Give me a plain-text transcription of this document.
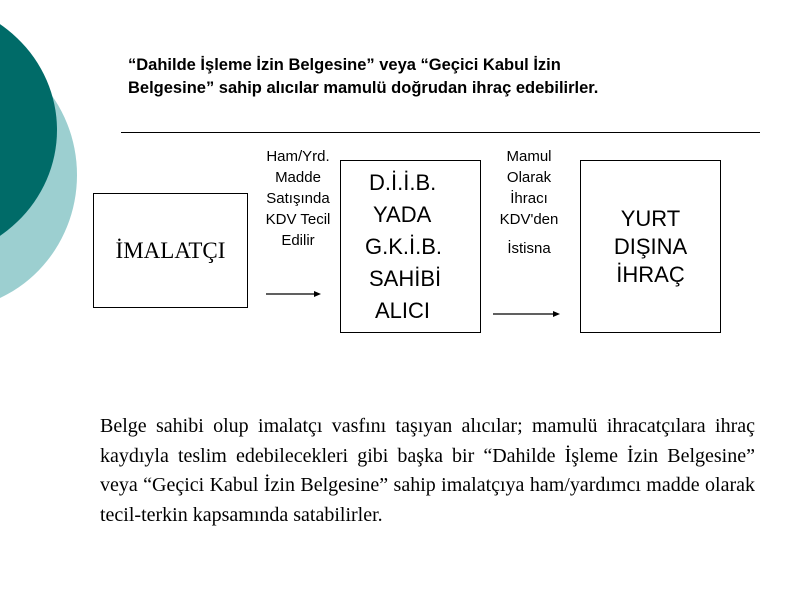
“Dahilde İşleme İzin Belgesine” veya “Geçici Kabul İzin
Belgesine” sahip alıcılar mamulü doğrudan ihraç edebilirler.
İMALATÇI
Ham/Yrd.
Madde
Satışında
KDV Tecil
Edilir
D.İ.İ.B.
YADA
G.K.İ.B.
SAHİBİ
ALICI
Mamul
Olarak
İhracı
KDV'den
İstisna
YURT
DIŞINA
İHRAÇ

Belge sahibi olup imalatçı vasfını taşıyan alıcılar; mamulü ihracatçılara ihraç kaydıyla teslim edebilecekleri gibi başka bir “Dahilde İşleme İzin Belgesine” veya “Geçici Kabul İzin Belgesine” sahip imalatçıya ham/yardımcı madde olarak tecil-terkin kapsamında satabilirler.
